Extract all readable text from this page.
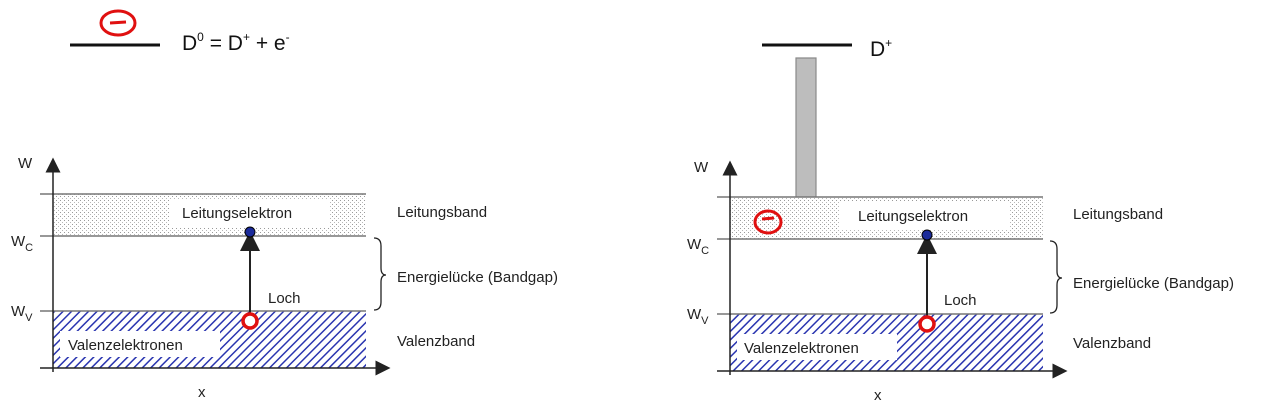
$D^0 = D^+ + e^-$
Leitungselektron
Valenzelektronen
W
x
$W_C$
$W_V$
Loch
Leitungsband
Energielücke (Bandgap)
Valenzband
D+
Leitungselektron
Valenzelektronen
W
x
$W_C$
$W_V$
Loch
Leitungsband
Energielücke (Bandgap)
Valenzband
